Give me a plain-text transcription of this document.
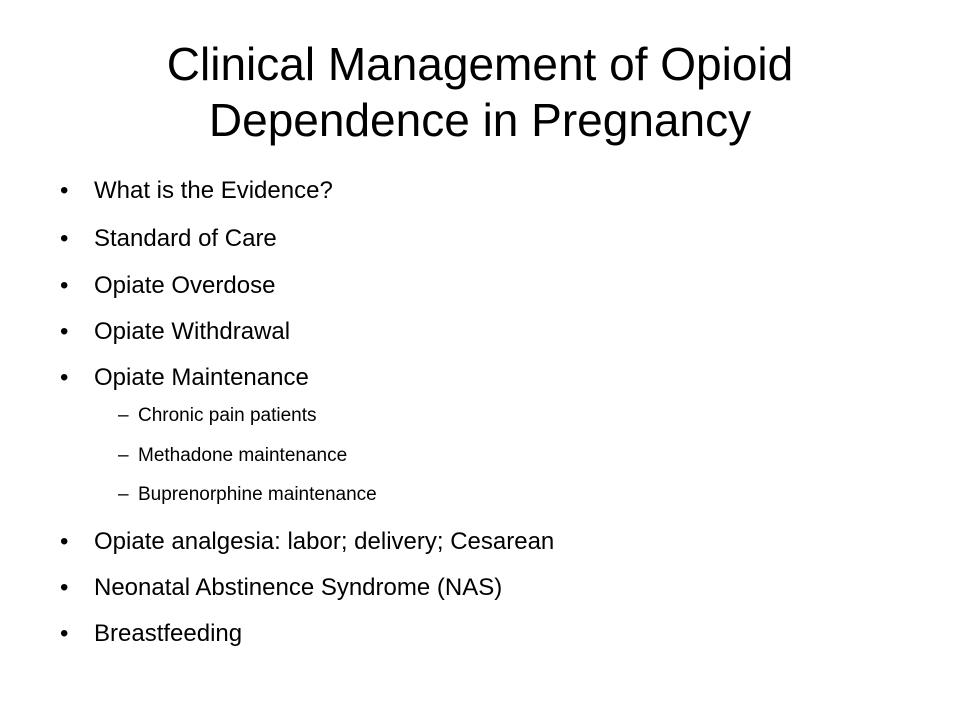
Clinical Management of Opioid
Dependence in Pregnancy
•	What is the Evidence?
•	Standard of Care
•	Opiate Overdose
•	Opiate Withdrawal
•	Opiate Maintenance
– Chronic pain patients
– Methadone maintenance
– Buprenorphine maintenance
•	Opiate analgesia: labor; delivery; Cesarean
•	Neonatal Abstinence Syndrome (NAS)
•	Breastfeeding
